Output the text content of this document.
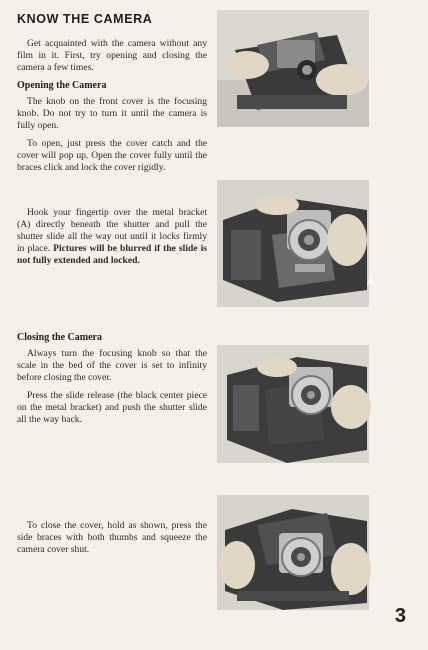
KNOW THE CAMERA

Get acquainted with the camera without any film in it. First, try opening and closing the camera a few times.

Opening the Camera

The knob on the front cover is the focusing knob. Do not try to turn it until the camera is fully open.

To open, just press the cover catch and the cover will pop up. Open the cover fully until the braces click and lock the cover rigidly.

Hook your fingertip over the metal bracket (A) directly beneath the shutter and pull the shutter slide all the way out until it locks firmly in place. Pictures will be blurred if the slide is not fully extended and locked.

Closing the Camera

Always turn the focusing knob so that the scale in the bed of the cover is set to infinity before closing the cover.

Press the slide release (the black center piece on the metal bracket) and push the shutter slide all the way back.

To close the cover, hold as shown, press the side braces with both thumbs and squeeze the camera cover shut.

A
3
